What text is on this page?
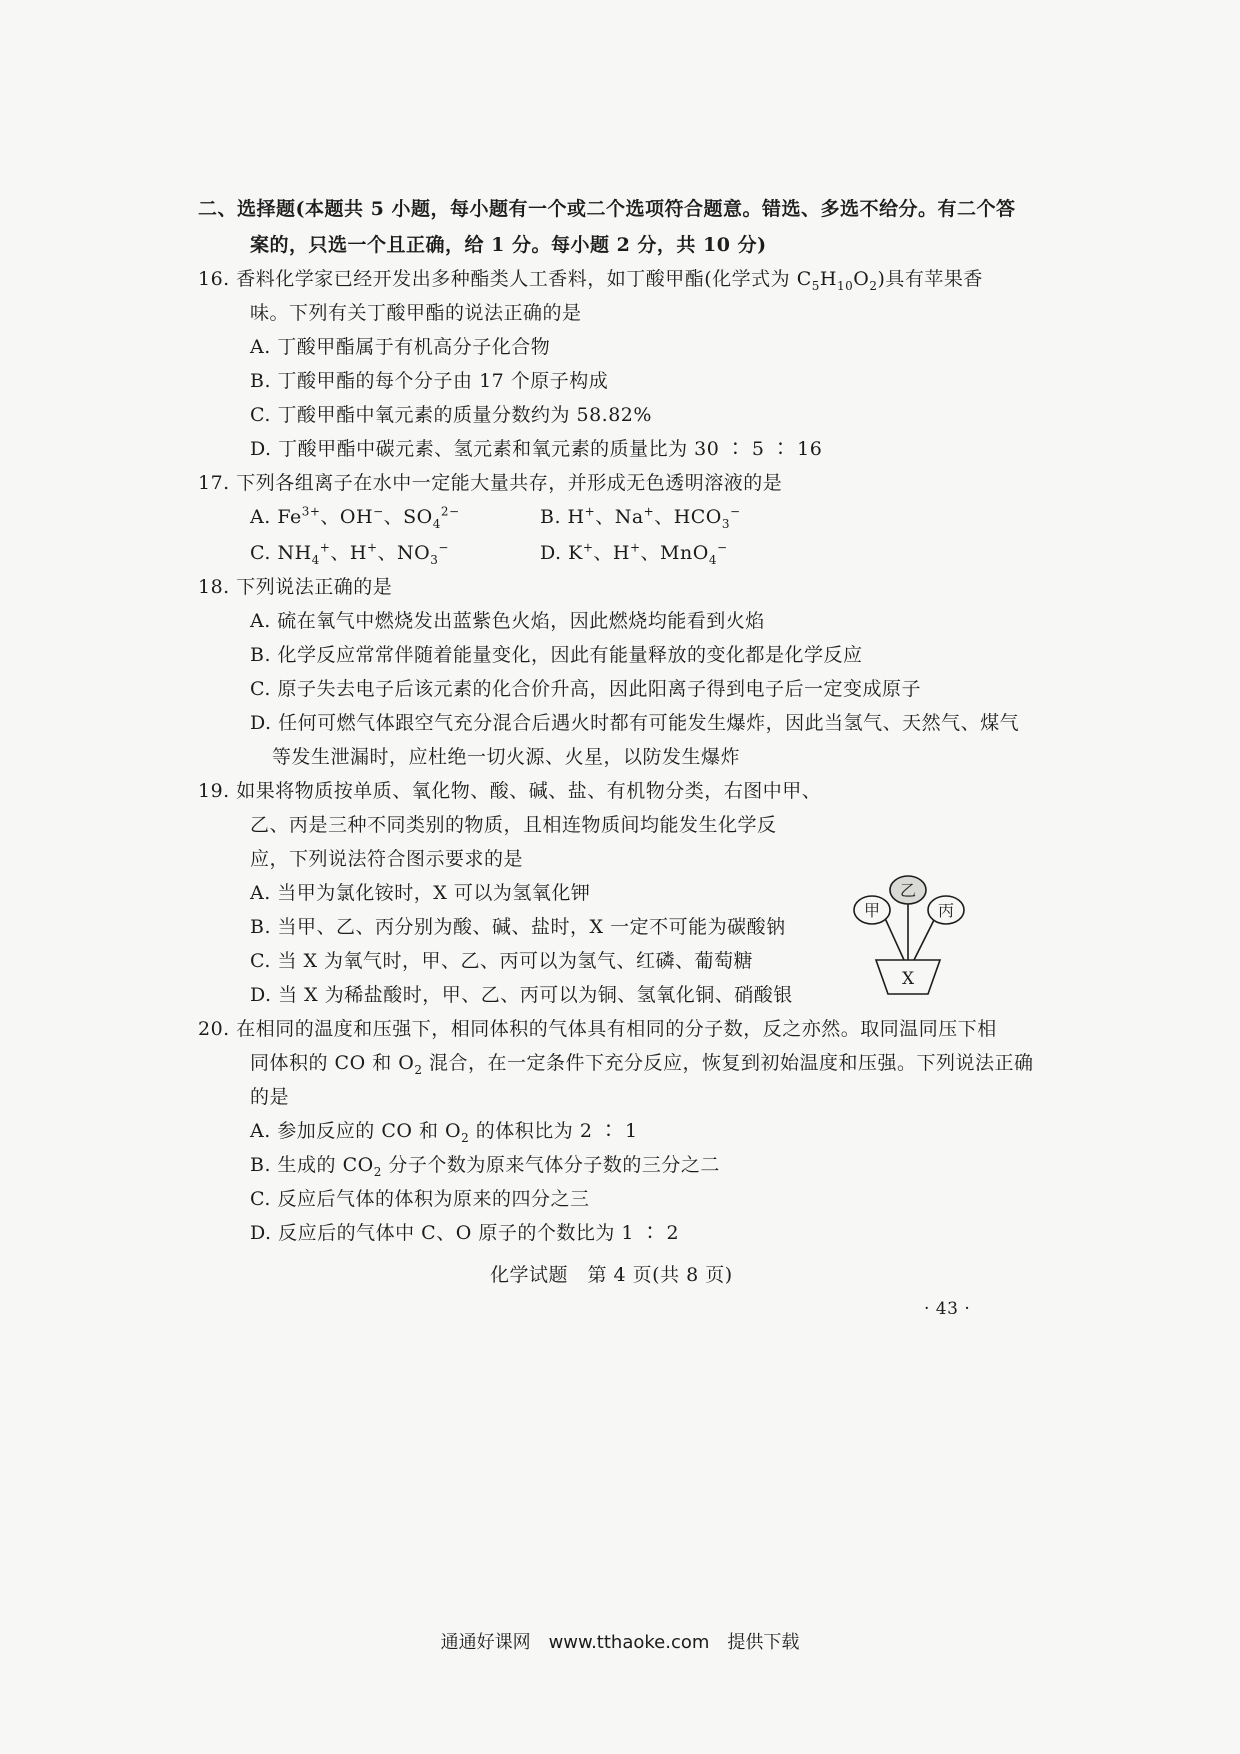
二、选择题(本题共 5 小题，每小题有一个或二个选项符合题意。错选、多选不给分。有二个答
案的，只选一个且正确，给 1 分。每小题 2 分，共 10 分)
16. 香料化学家已经开发出多种酯类人工香料，如丁酸甲酯(化学式为 $C_5H_{10}O_2$)具有苹果香
味。下列有关丁酸甲酯的说法正确的是
A. 丁酸甲酯属于有机高分子化合物
B. 丁酸甲酯的每个分子由 17 个原子构成
C. 丁酸甲酯中氧元素的质量分数约为 58.82%
D. 丁酸甲酯中碳元素、氢元素和氧元素的质量比为 30 ∶ 5 ∶ 16
17. 下列各组离子在水中一定能大量共存，并形成无色透明溶液的是
A. $Fe^{3+}$、OH−、$SO_4^{2-}$	B. H+、Na+、$HCO_3^-$
C. $NH_4^+$、H+、$NO_3^-$	D. K+、H+、MnO$_4$−
18. 下列说法正确的是
A. 硫在氧气中燃烧发出蓝紫色火焰，因此燃烧均能看到火焰
B. 化学反应常常伴随着能量变化，因此有能量释放的变化都是化学反应
C. 原子失去电子后该元素的化合价升高，因此阳离子得到电子后一定变成原子
D. 任何可燃气体跟空气充分混合后遇火时都有可能发生爆炸，因此当氢气、天然气、煤气
等发生泄漏时，应杜绝一切火源、火星，以防发生爆炸
19. 如果将物质按单质、氧化物、酸、碱、盐、有机物分类，右图中甲、
乙、丙是三种不同类别的物质，且相连物质间均能发生化学反
应，下列说法符合图示要求的是
甲
乙
丙
X
A. 当甲为氯化铵时，X 可以为氢氧化钾
B. 当甲、乙、丙分别为酸、碱、盐时，X 一定不可能为碳酸钠
C. 当 X 为氧气时，甲、乙、丙可以为氢气、红磷、葡萄糖
D. 当 X 为稀盐酸时，甲、乙、丙可以为铜、氢氧化铜、硝酸银
20. 在相同的温度和压强下，相同体积的气体具有相同的分子数，反之亦然。取同温同压下相
同体积的 CO 和 $O_2$ 混合，在一定条件下充分反应，恢复到初始温度和压强。下列说法正确
的是
A. 参加反应的 CO 和 $O_2$ 的体积比为 2 ∶ 1
B. 生成的 $CO_2$ 分子个数为原来气体分子数的三分之二
C. 反应后气体的体积为原来的四分之三
D. 反应后的气体中 C、O 原子的个数比为 1 ∶ 2
化学试题　第 4 页(共 8 页)
· 43 ·
通通好课网　www.tthaoke.com　提供下载
